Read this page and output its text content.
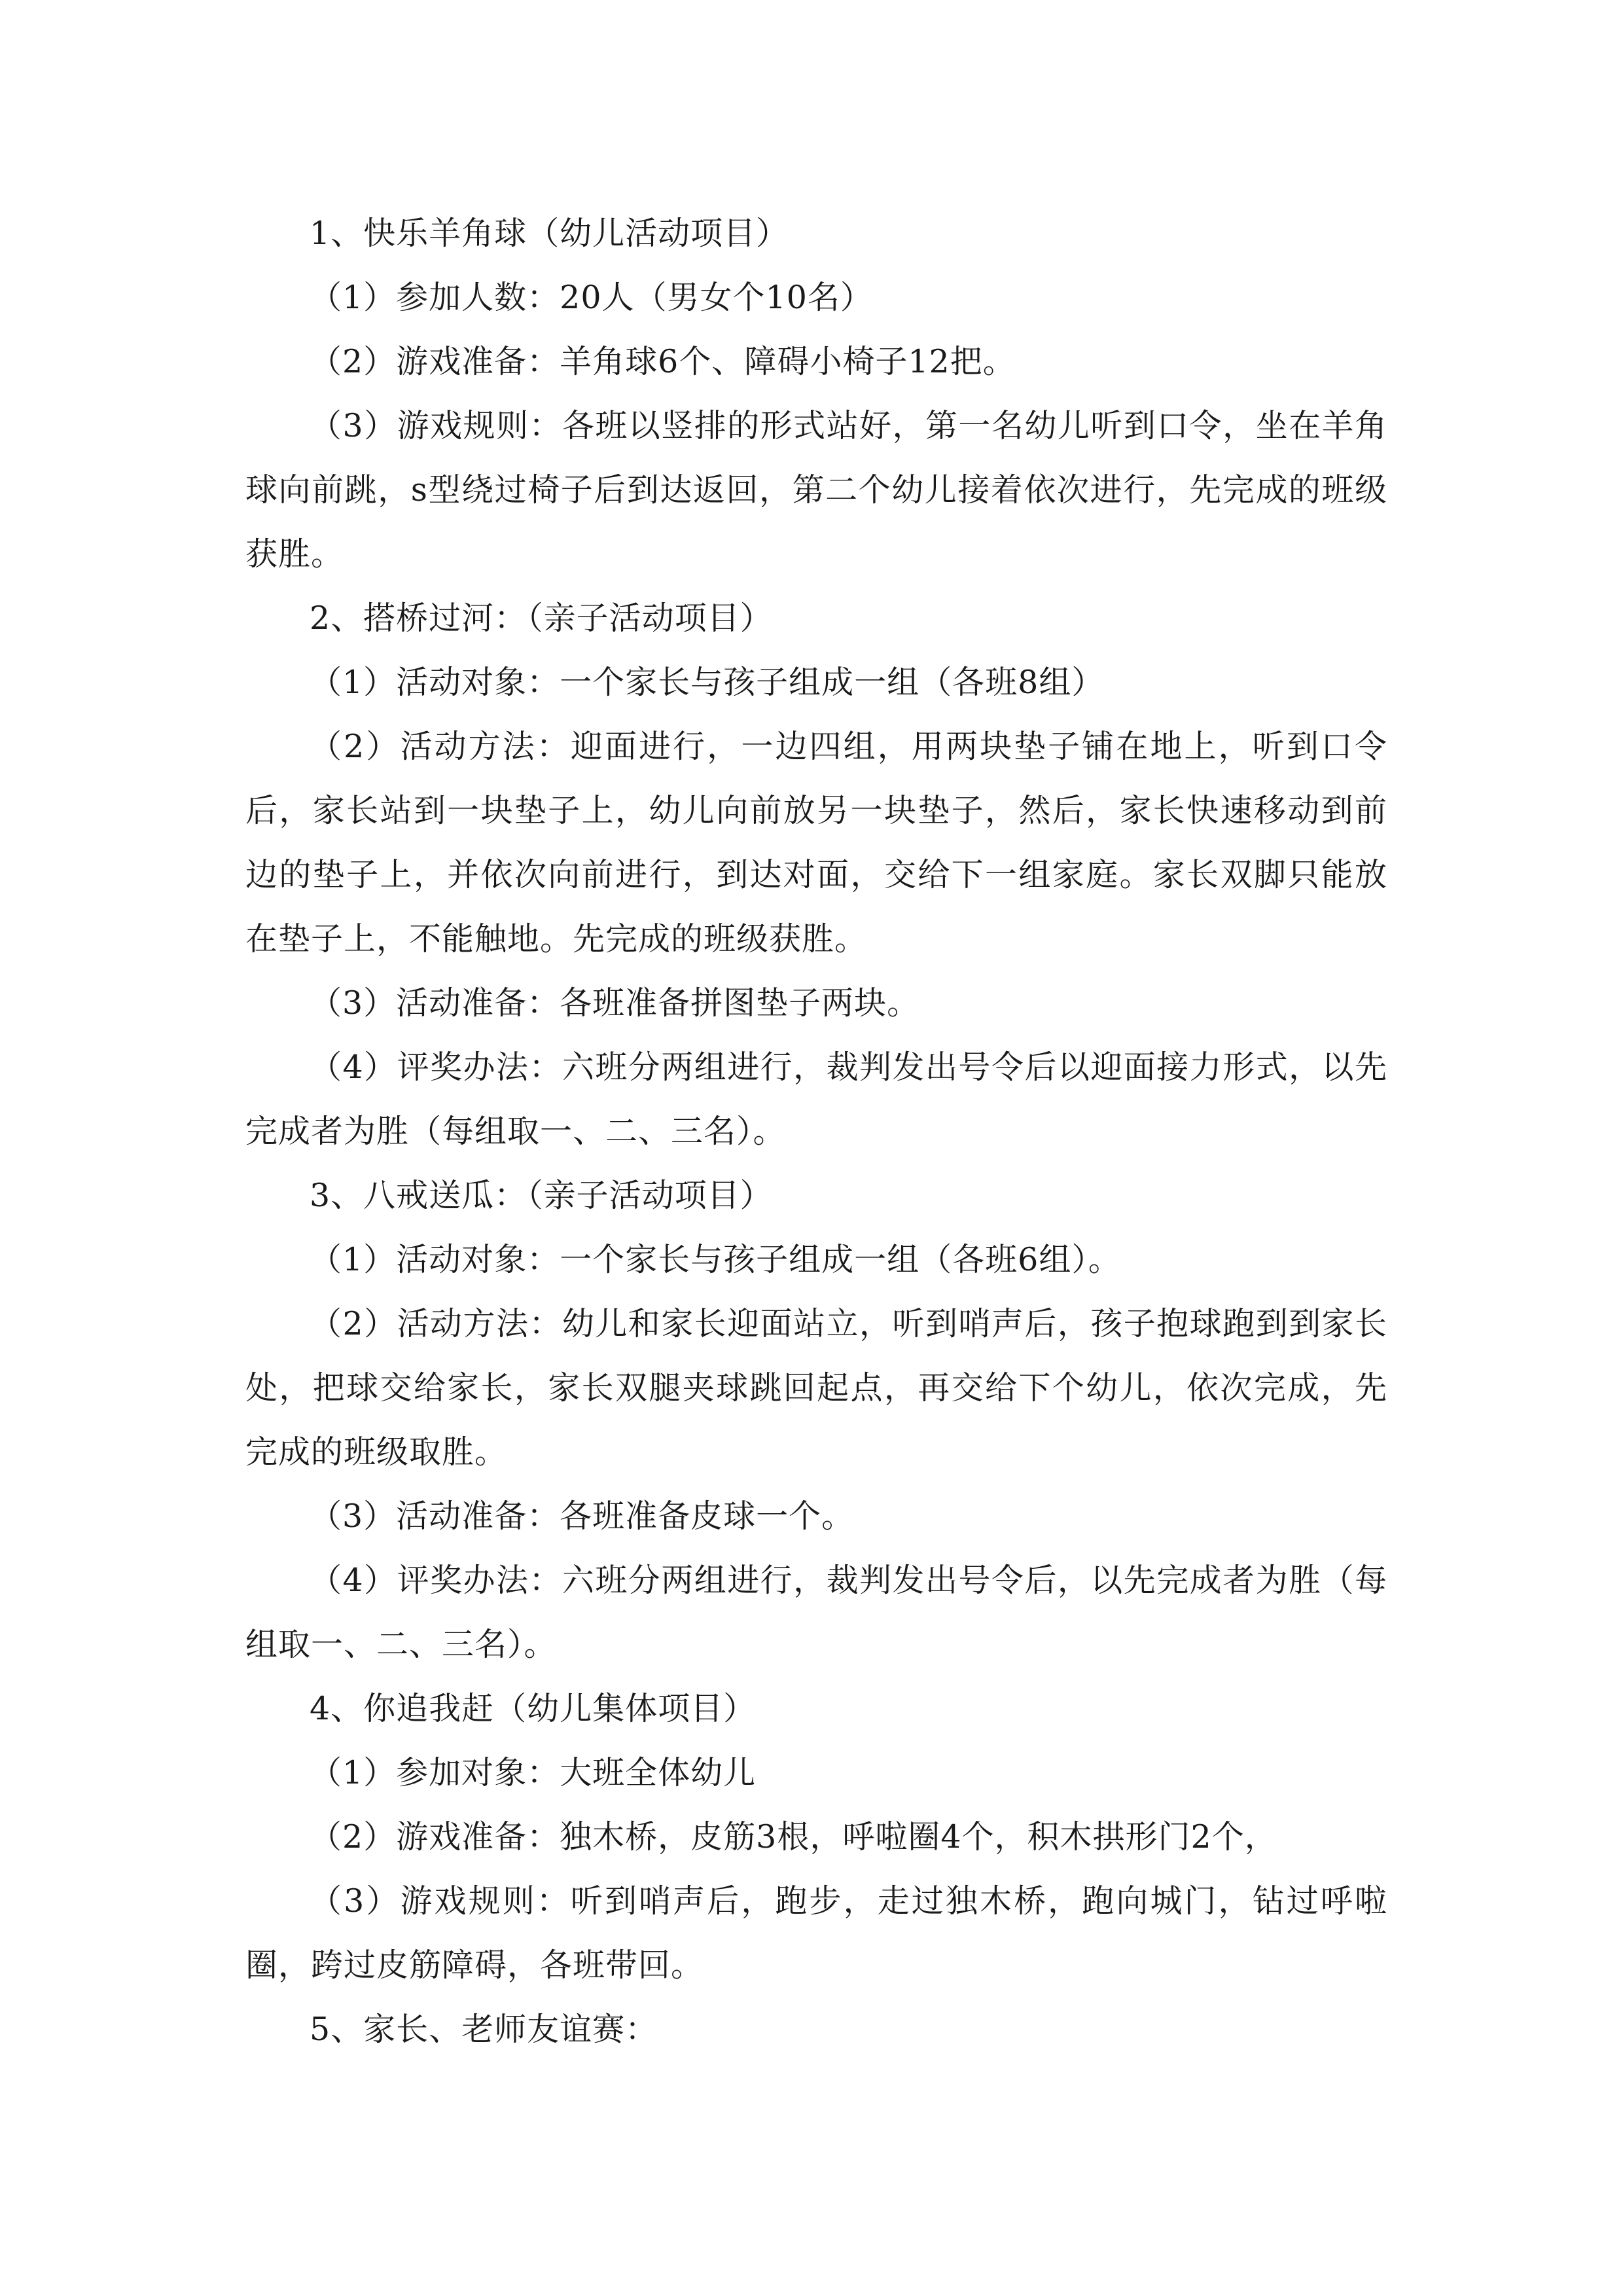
1、快乐羊角球（幼儿活动项目）

（1）参加人数：20人（男女个10名）

（2）游戏准备：羊角球6个、障碍小椅子12把。

（3）游戏规则：各班以竖排的形式站好，第一名幼儿听到口令，坐在羊角球向前跳，s型绕过椅子后到达返回，第二个幼儿接着依次进行，先完成的班级获胜。

2、搭桥过河：（亲子活动项目）

（1）活动对象：一个家长与孩子组成一组（各班8组）

（2）活动方法：迎面进行，一边四组，用两块垫子铺在地上，听到口令后，家长站到一块垫子上，幼儿向前放另一块垫子，然后，家长快速移动到前边的垫子上，并依次向前进行，到达对面，交给下一组家庭。家长双脚只能放在垫子上，不能触地。先完成的班级获胜。

（3）活动准备：各班准备拼图垫子两块。

（4）评奖办法：六班分两组进行，裁判发出号令后以迎面接力形式，以先完成者为胜（每组取一、二、三名）。

3、八戒送瓜：（亲子活动项目）

（1）活动对象：一个家长与孩子组成一组（各班6组）。

（2）活动方法：幼儿和家长迎面站立，听到哨声后，孩子抱球跑到到家长处，把球交给家长，家长双腿夹球跳回起点，再交给下个幼儿，依次完成，先完成的班级取胜。

（3）活动准备：各班准备皮球一个。

（4）评奖办法：六班分两组进行，裁判发出号令后，以先完成者为胜（每组取一、二、三名）。

4、你追我赶（幼儿集体项目）

（1）参加对象：大班全体幼儿

（2）游戏准备：独木桥，皮筋3根，呼啦圈4个，积木拱形门2个，

（3）游戏规则：听到哨声后，跑步，走过独木桥，跑向城门，钻过呼啦圈，跨过皮筋障碍，各班带回。

5、家长、老师友谊赛：
